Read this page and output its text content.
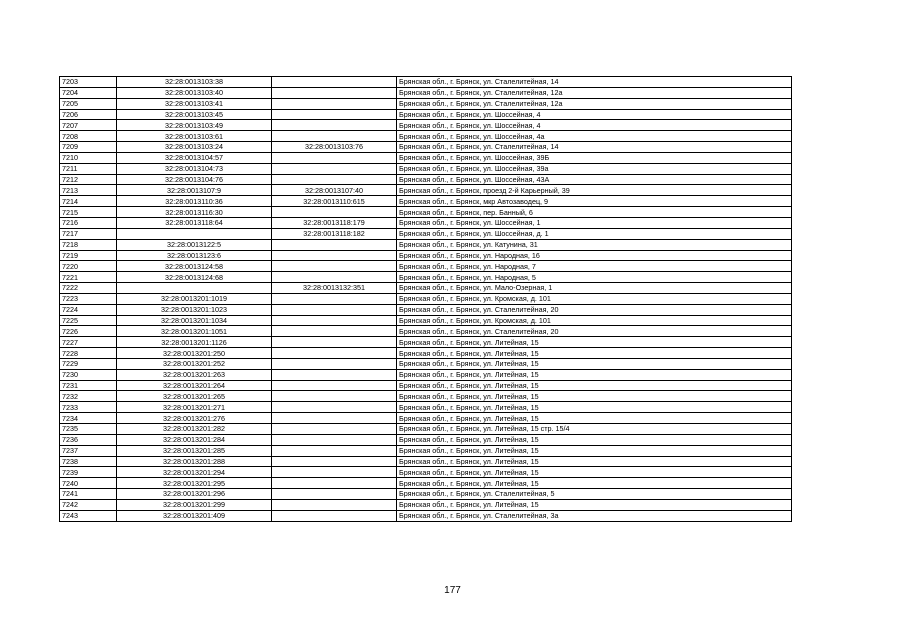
7203	32:28:0013103:38		Брянская обл., г. Брянск, ул. Сталелитейная, 14
7204	32:28:0013103:40		Брянская обл., г. Брянск, ул. Сталелитейная, 12а
7205	32:28:0013103:41		Брянская обл., г. Брянск, ул. Сталелитейная, 12а
7206	32:28:0013103:45		Брянская обл., г. Брянск, ул. Шоссейная, 4
7207	32:28:0013103:49		Брянская обл., г. Брянск, ул. Шоссейная, 4
7208	32:28:0013103:61		Брянская обл., г. Брянск, ул. Шоссейная, 4а
7209	32:28:0013103:24	32:28:0013103:76	Брянская обл., г. Брянск, ул. Сталелитейная, 14
7210	32:28:0013104:57		Брянская обл., г. Брянск, ул. Шоссейная, 39Б
7211	32:28:0013104:73		Брянская обл., г. Брянск, ул. Шоссейная, 39а
7212	32:28:0013104:76		Брянская обл., г. Брянск, ул. Шоссейная, 43А
7213	32:28:0013107:9	32:28:0013107:40	Брянская обл., г. Брянск, проезд 2-й Карьерный, 39
7214	32:28:0013110:36	32:28:0013110:615	Брянская обл., г. Брянск, мкр Автозаводец, 9
7215	32:28:0013116:30		Брянская обл., г. Брянск, пер. Банный, 6
7216	32:28:0013118:64	32:28:0013118:179	Брянская обл., г. Брянск, ул. Шоссейная, 1
7217		32:28:0013118:182	Брянская обл., г. Брянск, ул. Шоссейная, д. 1
7218	32:28:0013122:5		Брянская обл., г. Брянск, ул. Катунина, 31
7219	32:28:0013123:6		Брянская обл., г. Брянск, ул. Народная, 16
7220	32:28:0013124:58		Брянская обл., г. Брянск, ул. Народная, 7
7221	32:28:0013124:68		Брянская обл., г. Брянск, ул. Народная, 5
7222		32:28:0013132:351	Брянская обл., г. Брянск, ул. Мало-Озерная, 1
7223	32:28:0013201:1019		Брянская обл., г. Брянск, ул. Кромская, д. 101
7224	32:28:0013201:1023		Брянская обл., г. Брянск, ул. Сталелитейная, 20
7225	32:28:0013201:1034		Брянская обл., г. Брянск, ул. Кромская, д. 101
7226	32:28:0013201:1051		Брянская обл., г. Брянск, ул. Сталелитейная, 20
7227	32:28:0013201:1126		Брянская обл., г. Брянск, ул. Литейная, 15
7228	32:28:0013201:250		Брянская обл., г. Брянск, ул. Литейная, 15
7229	32:28:0013201:252		Брянская обл., г. Брянск, ул. Литейная, 15
7230	32:28:0013201:263		Брянская обл., г. Брянск, ул. Литейная, 15
7231	32:28:0013201:264		Брянская обл., г. Брянск, ул. Литейная, 15
7232	32:28:0013201:265		Брянская обл., г. Брянск, ул. Литейная, 15
7233	32:28:0013201:271		Брянская обл., г. Брянск, ул. Литейная, 15
7234	32:28:0013201:276		Брянская обл., г. Брянск, ул. Литейная, 15
7235	32:28:0013201:282		Брянская обл., г. Брянск, ул. Литейная, 15 стр. 15/4
7236	32:28:0013201:284		Брянская обл., г. Брянск, ул. Литейная, 15
7237	32:28:0013201:285		Брянская обл., г. Брянск, ул. Литейная, 15
7238	32:28:0013201:288		Брянская обл., г. Брянск, ул. Литейная, 15
7239	32:28:0013201:294		Брянская обл., г. Брянск, ул. Литейная, 15
7240	32:28:0013201:295		Брянская обл., г. Брянск, ул. Литейная, 15
7241	32:28:0013201:296		Брянская обл., г. Брянск, ул. Сталелитейная, 5
7242	32:28:0013201:299		Брянская обл., г. Брянск, ул. Литейная, 15
7243	32:28:0013201:409		Брянская обл., г. Брянск, ул. Сталелитейная, 3а
177
